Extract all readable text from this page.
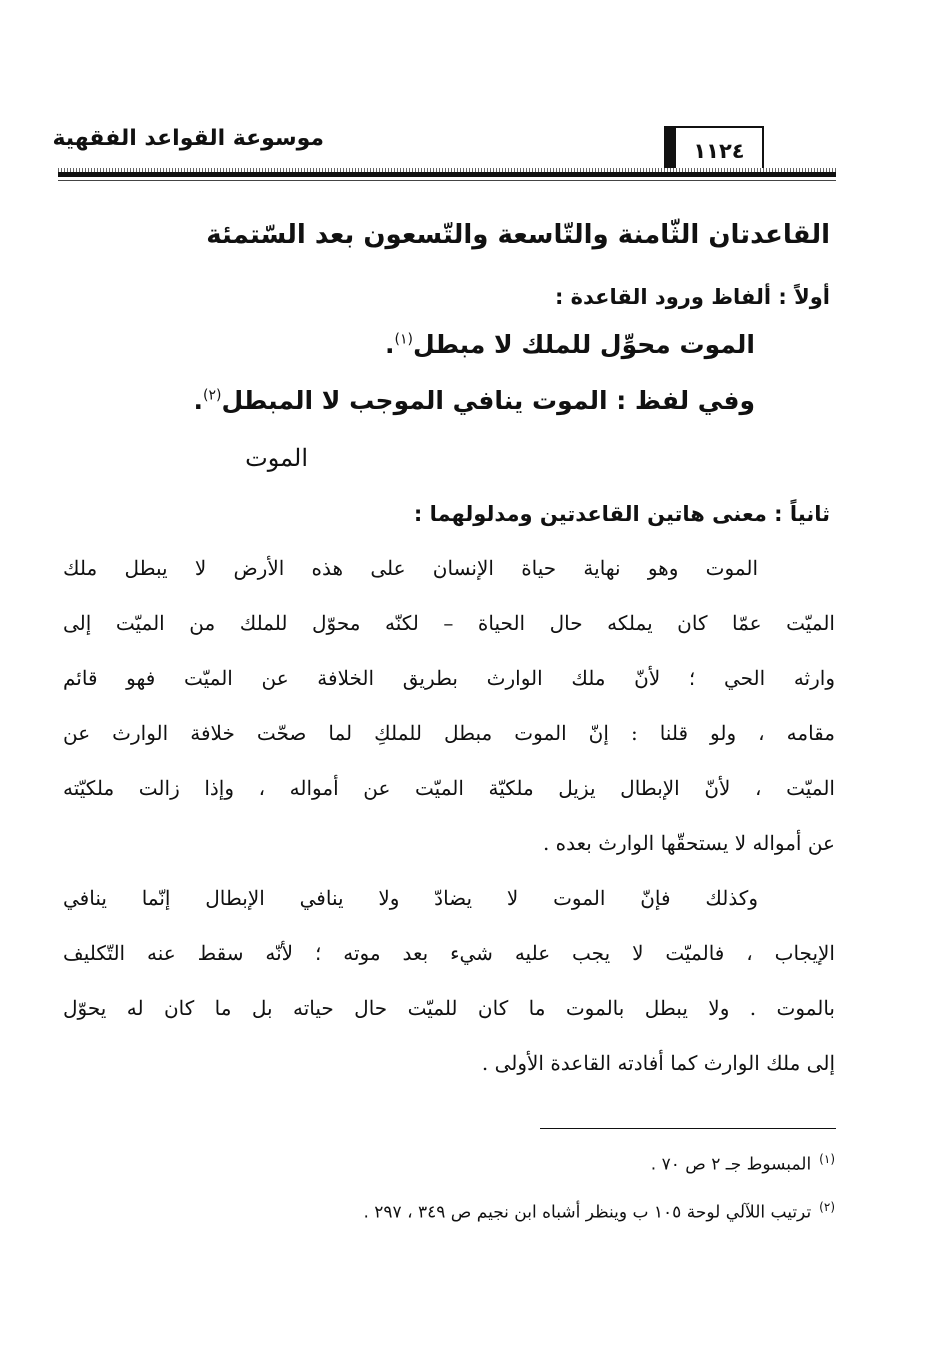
موسوعة القواعد الفقهية	١١٢٤
القاعدتان الثّامنة والتّاسعة والتّسعون بعد السّتمئة
أولاً : ألفاظ ورود القاعدة :
الموت محوِّل للملك لا مبطل$^{(١)}$.
وفي لفظ : الموت ينافي الموجب لا المبطل$^{(٢)}$.
الموت
ثانياً : معنى هاتين القاعدتين ومدلولهما :
الموت وهو نهاية حياة الإنسان على هذه الأرض لا يبطل ملك
الميّت عمّا كان يملكه حال الحياة – لكنّه محوّل للملك من الميّت إلى
وارثه الحي ؛ لأنّ ملك الوارث بطريق الخلافة عن الميّت فهو قائم
مقامه ، ولو قلنا : إنّ الموت مبطل للملكِ لما صحّت خلافة الوارث عن
الميّت ، لأنّ الإبطال يزيل ملكيّة الميّت عن أمواله ، وإذا زالت ملكيّته
عن أمواله لا يستحقّها الوارث بعده .
وكذلك فإنّ الموت لا يضادّ ولا ينافي الإبطال إنّما ينافي
الإيجاب ، فالميّت لا يجب عليه شيء بعد موته ؛ لأنّه سقط عنه التّكليف
بالموت . ولا يبطل بالموت ما كان للميّت حال حياته بل ما كان له يحوّل
إلى ملك الوارث كما أفادته القاعدة الأولى .
$^{(١)}$المبسوط جـ ٢ ص ٧٠ .
$^{(٢)}$ترتيب اللآلي لوحة ١٠٥ ب وينظر أشباه ابن نجيم ص ٣٤٩ ، ٢٩٧ .
